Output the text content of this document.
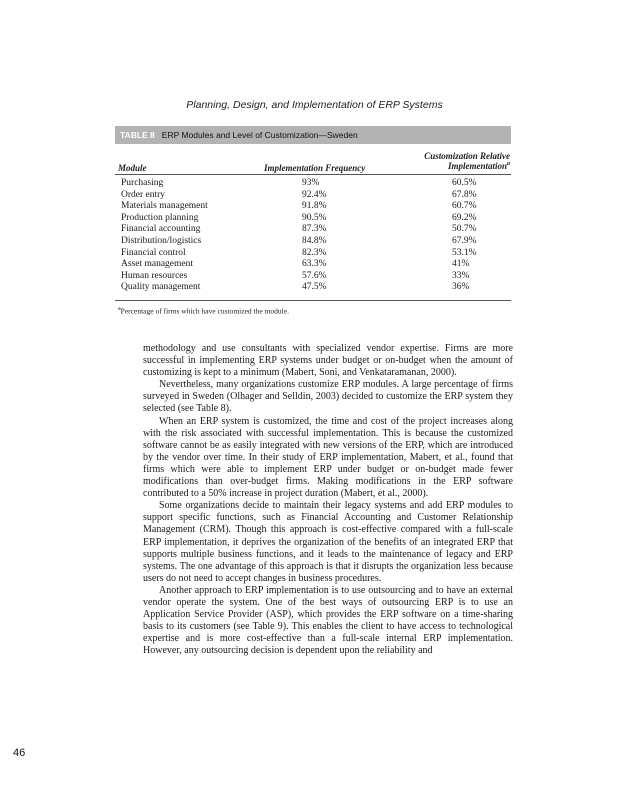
Planning, Design, and Implementation of ERP Systems
TABLE 8 ERP Modules and Level of Customization—Sweden
Module	Implementation Frequency
Customization Relative
Implementation$^a$
Purchasing	93%	60.5%
Order entry	92.4%	67.8%
Materials management	91.8%	60.7%
Production planning	90.5%	69.2%
Financial accounting	87.3%	50.7%
Distribution/logistics	84.8%	67.9%
Financial control	82.3%	53.1%
Asset management	63.3%	41%
Human resources	57.6%	33%
Quality management	47.5%	36%
$^a$Percentage of firms which have customized the module.

methodology and use consultants with specialized vendor expertise. Firms are more successful in implementing ERP systems under budget or on-budget when the amount of customizing is kept to a minimum (Mabert, Soni, and Venkataramanan, 2000).

Nevertheless, many organizations customize ERP modules. A large percentage of firms surveyed in Sweden (Olhager and Selldin, 2003) decided to customize the ERP system they selected (see Table 8).

When an ERP system is customized, the time and cost of the project increases along with the risk associated with successful implementation. This is because the customized software cannot be as easily integrated with new versions of the ERP, which are introduced by the vendor over time. In their study of ERP implementation, Mabert, et al., found that firms which were able to implement ERP under budget or on-budget made fewer modifications than over-budget firms. Making modifications in the ERP software contributed to a 50% increase in project duration (Mabert, et al., 2000).

Some organizations decide to maintain their legacy systems and add ERP modules to support specific functions, such as Financial Accounting and Customer Relationship Management (CRM). Though this approach is cost-effective compared with a full-scale ERP implementation, it deprives the organization of the benefits of an integrated ERP that supports multiple business functions, and it leads to the maintenance of legacy and ERP systems. The one advantage of this approach is that it disrupts the organization less because users do not need to accept changes in business procedures.

Another approach to ERP implementation is to use outsourcing and to have an external vendor operate the system. One of the best ways of outsourcing ERP is to use an Application Service Provider (ASP), which provides the ERP software on a time-sharing basis to its customers (see Table 9). This enables the client to have access to technological expertise and is more cost-effective than a full-scale internal ERP implementation. However, any outsourcing decision is dependent upon the reliability and

46
